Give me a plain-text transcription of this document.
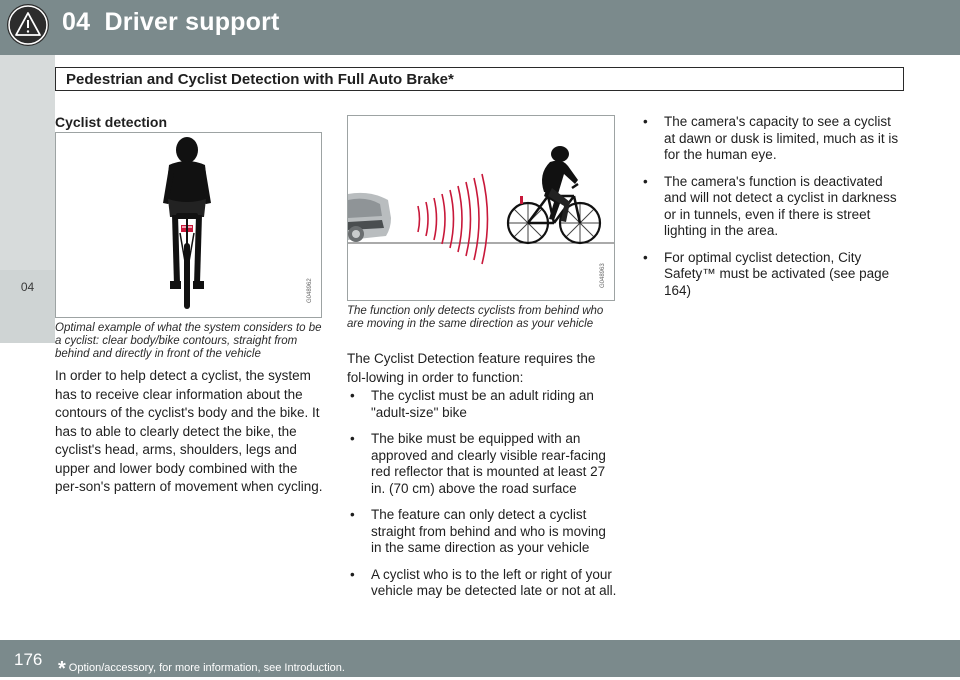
04 Driver support
04
Pedestrian and Cyclist Detection with Full Auto Brake*
Cyclist detection
G048962
Optimal example of what the system considers to be a cyclist: clear body/bike contours, straight from behind and directly in front of the vehicle
In order to help detect a cyclist, the system has to receive clear information about the contours of the cyclist's body and the bike. It has to able to clearly detect the bike, the cyclist's head, arms, shoulders, legs and upper and lower body combined with the per-son's pattern of movement when cycling.
G048963
The function only detects cyclists from behind who are moving in the same direction as your vehicle
The Cyclist Detection feature requires the fol-lowing in order to function:
• The cyclist must be an adult riding an "adult-size" bike
• The bike must be equipped with an approved and clearly visible rear-facing red reflector that is mounted at least 27 in. (70 cm) above the road surface
• The feature can only detect a cyclist straight from behind and who is moving in the same direction as your vehicle
• A cyclist who is to the left or right of your vehicle may be detected late or not at all.
• The camera's capacity to see a cyclist at dawn or dusk is limited, much as it is for the human eye.
• The camera's function is deactivated and will not detect a cyclist in darkness or in tunnels, even if there is street lighting in the area.
• For optimal cyclist detection, City Safety™ must be activated (see page 164)
176 * Option/accessory, for more information, see Introduction.
